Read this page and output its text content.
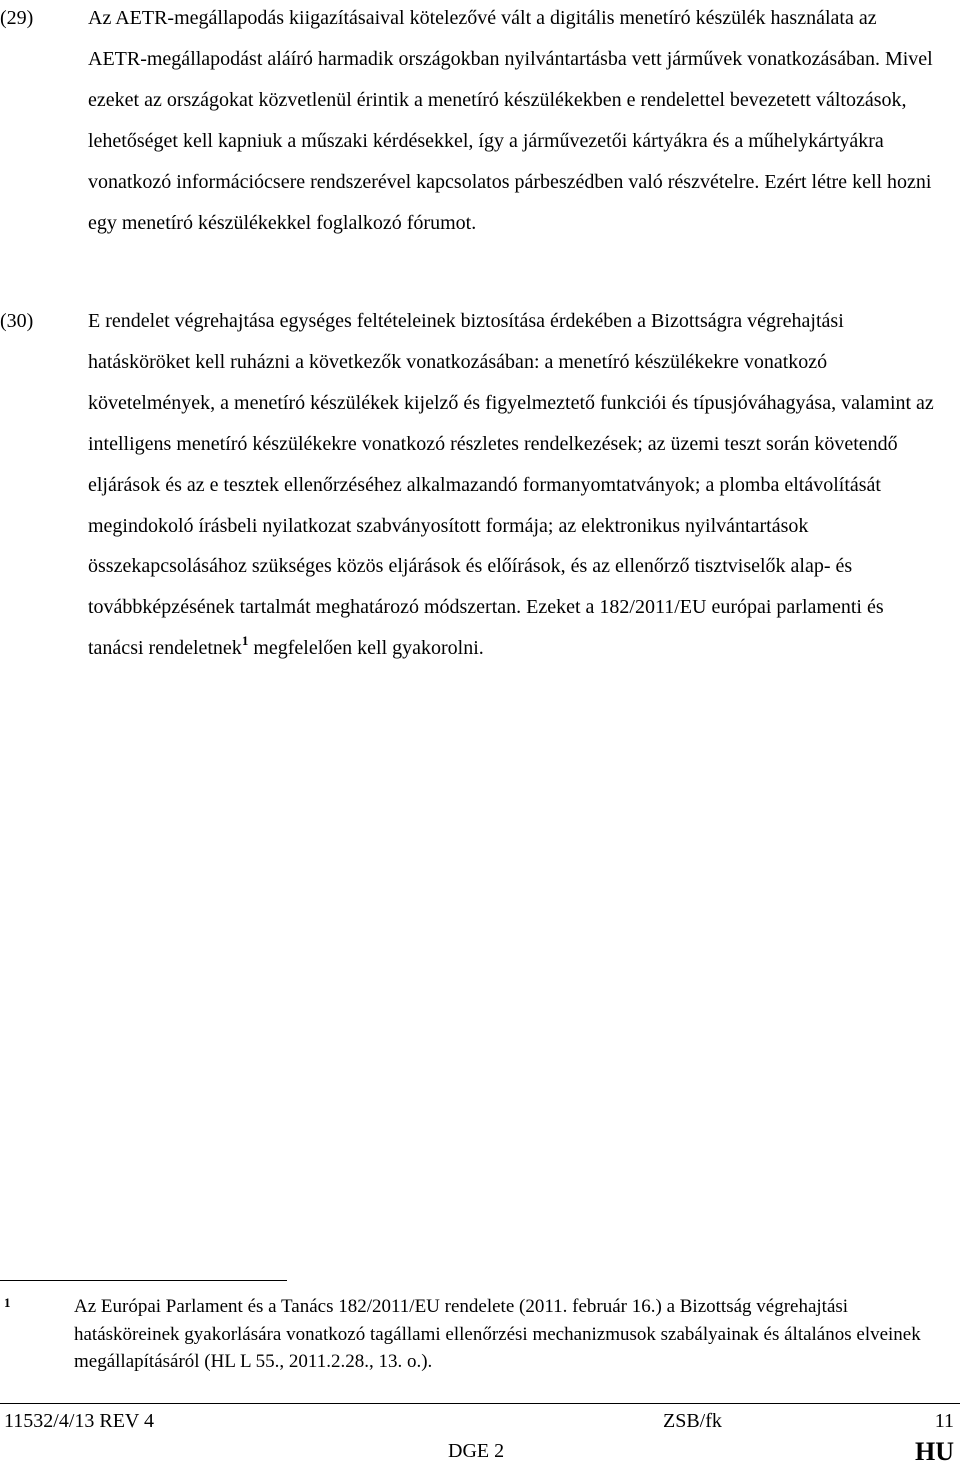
(29)	Az AETR-megállapodás kiigazításaival kötelezővé vált a digitális menetíró készülék használata az AETR-megállapodást aláíró harmadik országokban nyilvántartásba vett járművek vonatkozásában. Mivel ezeket az országokat közvetlenül érintik a menetíró készülékekben e rendelettel bevezetett változások, lehetőséget kell kapniuk a műszaki kérdésekkel, így a járművezetői kártyákra és a műhelykártyákra vonatkozó információcsere rendszerével kapcsolatos párbeszédben való részvételre. Ezért létre kell hozni egy menetíró készülékekkel foglalkozó fórumot.

(30)	E rendelet végrehajtása egységes feltételeinek biztosítása érdekében a Bizottságra végrehajtási hatásköröket kell ruházni a következők vonatkozásában: a menetíró készülékekre vonatkozó követelmények, a menetíró készülékek kijelző és figyelmeztető funkciói és típusjóváhagyása, valamint az intelligens menetíró készülékekre vonatkozó részletes rendelkezések; az üzemi teszt során követendő eljárások és az e tesztek ellenőrzéséhez alkalmazandó formanyomtatványok; a plomba eltávolítását megindokoló írásbeli nyilatkozat szabványosított formája; az elektronikus nyilvántartások összekapcsolásához szükséges közös eljárások és előírások, és az ellenőrző tisztviselők alap- és továbbképzésének tartalmát meghatározó módszertan. Ezeket a 182/2011/EU európai parlamenti és tanácsi rendeletnek$^1$ megfelelően kell gyakorolni.

1	Az Európai Parlament és a Tanács 182/2011/EU rendelete (2011. február 16.) a Bizottság végrehajtási hatásköreinek gyakorlására vonatkozó tagállami ellenőrzési mechanizmusok szabályainak és általános elveinek megállapításáról (HL L 55., 2011.2.28., 13. o.).

11532/4/13 REV 4	ZSB/fk	11
DGE 2	HU
